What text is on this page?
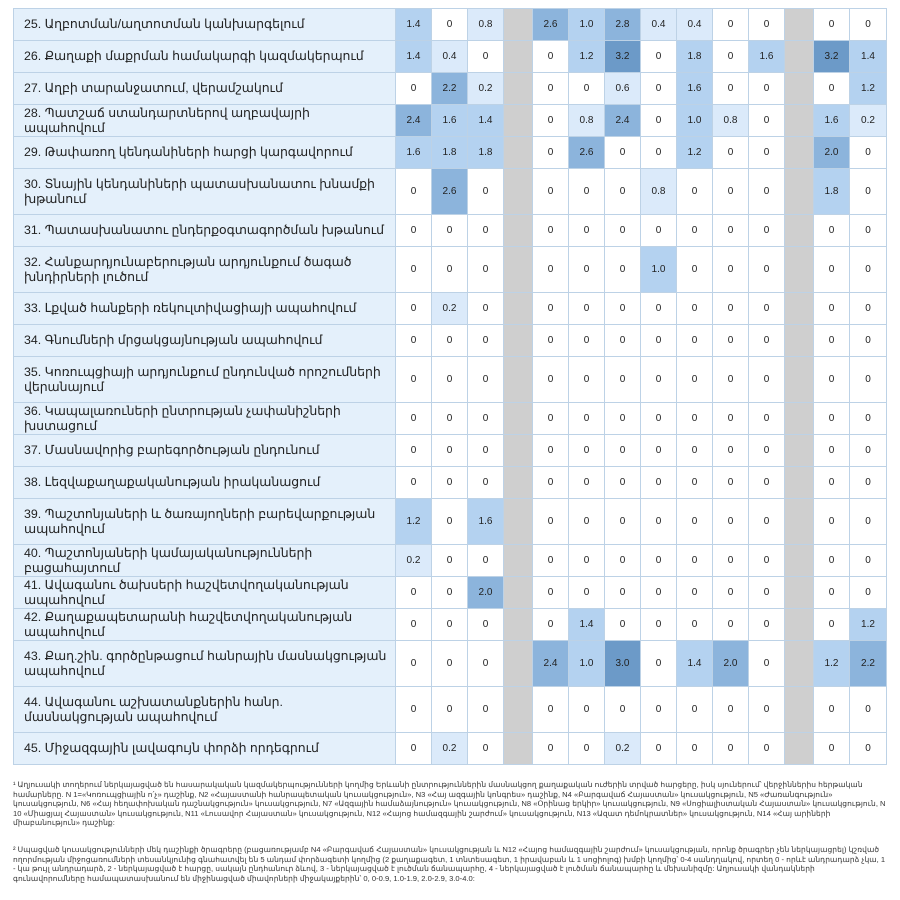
25. Աղբոտման/աղտոտման կանխարգելում	1.4	0	0.8		2.6	1.0	2.8	0.4	0.4	0	0		0	0
26. Քաղաքի մաքրման համակարգի կազմակերպում	1.4	0.4	0		0	1.2	3.2	0	1.8	0	1.6		3.2	1.4
27. Աղբի տարանջատում, վերամշակում	0	2.2	0.2		0	0	0.6	0	1.6	0	0		0	1.2
28. Պատշաճ ստանդարտներով աղբավայրի ապահովում	2.4	1.6	1.4		0	0.8	2.4	0	1.0	0.8	0		1.6	0.2
29. Թափառող կենդանիների հարցի կարգավորում	1.6	1.8	1.8		0	2.6	0	0	1.2	0	0		2.0	0
30. Տնային կենդանիների պատասխանատու խնամքի խթանում	0	2.6	0		0	0	0	0.8	0	0	0		1.8	0
31. Պատասխանատու ընդերքօգտագործման խթանում	0	0	0		0	0	0	0	0	0	0		0	0
32. Հանքարդյունաբերության արդյունքում ծագած խնդիրների լուծում	0	0	0		0	0	0	1.0	0	0	0		0	0
33. Լքված հանքերի ռեկուլտիվացիայի ապահովում	0	0.2	0		0	0	0	0	0	0	0		0	0
34. Գնումների մրցակցայնության ապահովում	0	0	0		0	0	0	0	0	0	0		0	0
35. Կոռուպցիայի արդյունքում ընդունված որոշումների վերանայում	0	0	0		0	0	0	0	0	0	0		0	0
36. Կապալառուների ընտրության չափանիշների խստացում	0	0	0		0	0	0	0	0	0	0		0	0
37. Մասնավորից բարեգործության ընդունում	0	0	0		0	0	0	0	0	0	0		0	0
38. Լեզվաքաղաքականության իրականացում	0	0	0		0	0	0	0	0	0	0		0	0
39. Պաշտոնյաների և ծառայողների բարեվարքության ապահովում	1.2	0	1.6		0	0	0	0	0	0	0		0	0
40. Պաշտոնյաների կամայականությունների բացահայտում	0.2	0	0		0	0	0	0	0	0	0		0	0
41. Ավագանու ծախսերի հաշվետվողականության ապահովում	0	0	2.0		0	0	0	0	0	0	0		0	0
42. Քաղաքապետարանի հաշվետվողականության ապահովում	0	0	0		0	1.4	0	0	0	0	0		0	1.2
43. Քաղ.շին. գործընթացում հանրային մասնակցության ապահովում	0	0	0		2.4	1.0	3.0	0	1.4	2.0	0		1.2	2.2
44. Ավագանու աշխատանքներին հանր. մասնակցության ապահովում	0	0	0		0	0	0	0	0	0	0		0	0
45. Միջազգային լավագույն փորձի որդեգրում	0	0.2	0		0	0	0.2	0	0	0	0		0	0

¹ Աղյուսակի տողերում ներկայացված են հասարակական կազմակերպությունների կողմից Երևանի ընտրություններին մասնակցող քաղաքական ուժերին տրված հարցերը, իսկ սյուներում՝ վերջիններիս հերթական համարները. N 1=«Կոռուպցիային ո՛չ» դաշինք, N2 «Հայաստանի հանրապետական կուսակցություն», N3 «Հայ ազգային կոնգրես» դաշինք, N4 «Բարգավաճ Հայաստան» կուսակցություն, N5 «Ժառանգություն» կուսակցություն, N6 «Հայ հեղափոխական դաշնակցություն» կուսակցություն, N7 «Ազգային համաձայնություն» կուսակցություն, N8 «Օրինաց երկիր» կուսակցություն, N9 «Սոցիալիստական Հայաստան» կուսակցություն, N 10 «Միացյալ Հայաստան» կուսակցություն, N11 «Լուսավոր Հայաստան» կուսակցություն, N12 «Հայոց համազգային շարժում» կուսակցություն, N13 «Ազատ դեմոկրատներ» կուսակցություն, N14 «Հայ արիների միաբանություն» դաշինք:

² Սպացված կուսակցությունների մեկ դաշինքի ծրագրերը (բացառությամբ N4 «Բարգավաճ Հայաստան» կուսակցության և N12 «Հայոց համազգային շարժում» կուսակցության, որոնք ծրագրեր չեն ներկայացրել) կշռված ողորմության միջոցառումների տեսանկյունից գնահատվել են 5 անդամ փորձագետի կողմից (2 քաղաքագետ, 1 տնտեսագետ, 1 իրավաբան և 1 սոցիոլոգ) խմբի կողմից՝ 0-4 սանդղակով, որտեղ 0 - որևէ անդրադարձ չկա, 1 - կա թույլ անդրադարձ, 2 - ներկայացված է հարցը, սակայն ընդհանուր ձևով, 3 - ներկայացված է լուծման ճանապարհը, 4 - ներկայացված է լուծման ճանապարհը և մեխանիզմը: Աղյուսակի վանդակների գունավորումները համապատասխանում են միջինացված միավորների միջակայքերին՝ 0, 0-0.9, 1.0-1.9, 2.0-2.9, 3.0-4.0:
